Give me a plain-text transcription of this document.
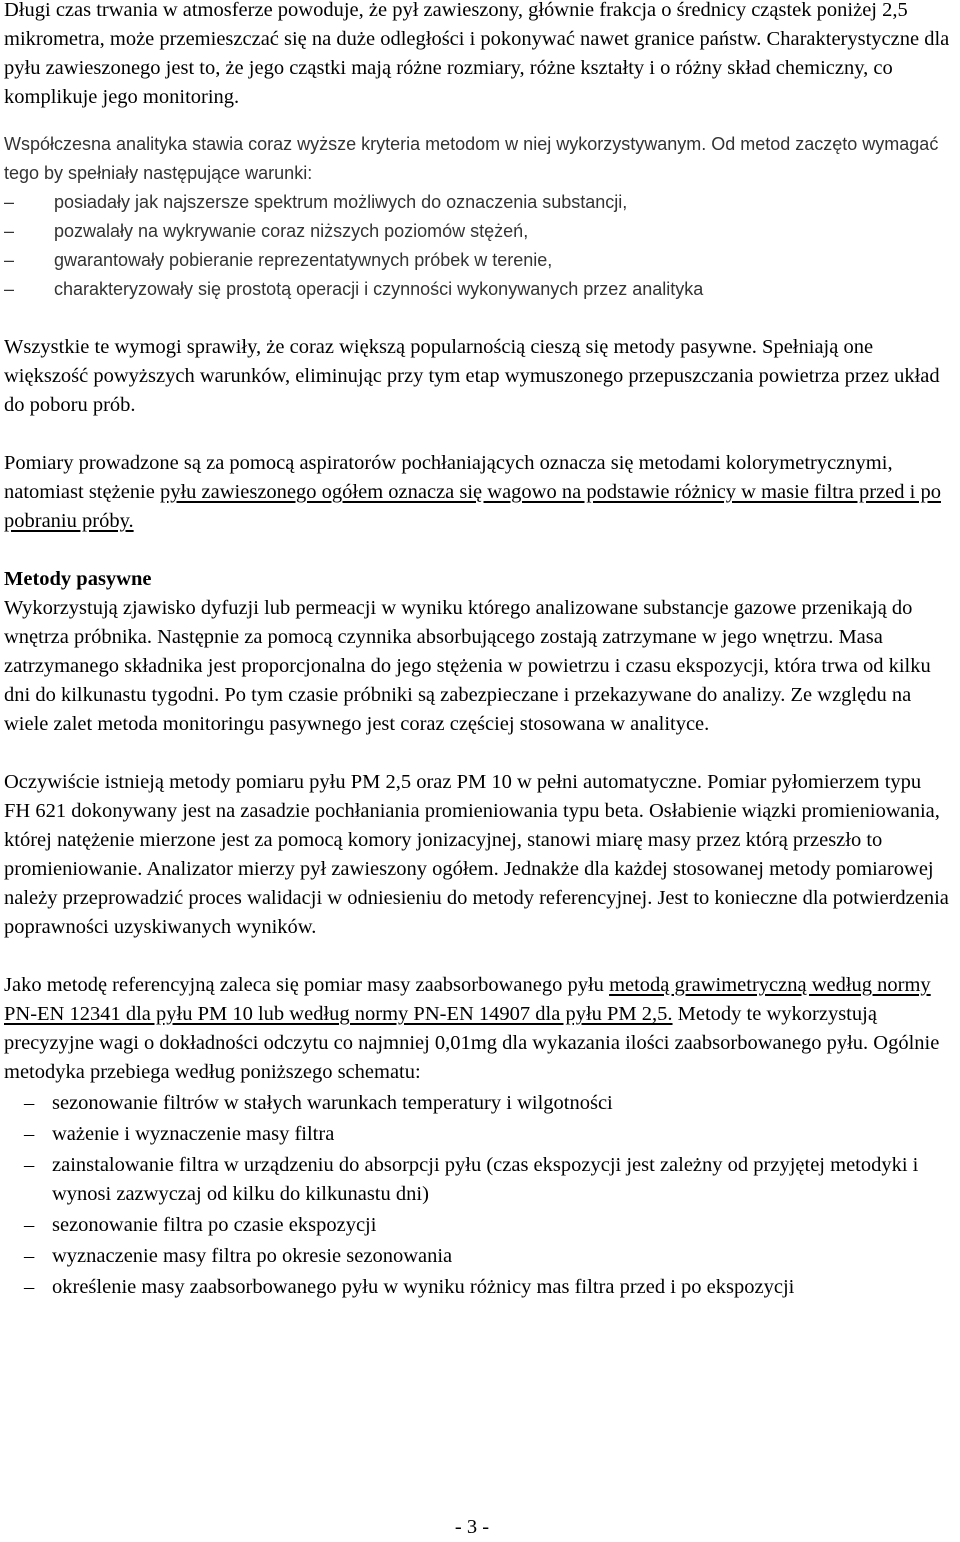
Długi czas trwania w atmosferze powoduje, że pył zawieszony, głównie frakcja o średnicy cząstek poniżej 2,5 mikrometra, może przemieszczać się na duże odległości i pokonywać nawet granice państw. Charakterystyczne dla pyłu zawieszonego jest to, że jego cząstki mają różne rozmiary, różne kształty i o różny skład chemiczny, co komplikuje jego monitoring.

Współczesna analityka stawia coraz wyższe kryteria metodom w niej wykorzystywanym. Od metod zaczęto wymagać tego by spełniały następujące warunki:

–	posiadały jak najszersze spektrum możliwych do oznaczenia substancji,
–	pozwalały na wykrywanie coraz niższych poziomów stężeń,
–	gwarantowały pobieranie reprezentatywnych próbek w terenie,
–	charakteryzowały się prostotą operacji i czynności wykonywanych przez analityka

Wszystkie te wymogi sprawiły, że coraz większą popularnością cieszą się metody pasywne. Spełniają one większość powyższych warunków, eliminując przy tym etap wymuszonego przepuszczania powietrza przez układ do poboru prób.

Pomiary prowadzone są za pomocą aspiratorów pochłaniających oznacza się metodami kolorymetrycznymi, natomiast stężenie pyłu zawieszonego ogółem oznacza się wagowo na podstawie różnicy w masie filtra przed i po pobraniu próby.

Metody pasywne

Wykorzystują zjawisko dyfuzji lub permeacji w wyniku którego analizowane substancje gazowe przenikają do wnętrza próbnika. Następnie za pomocą czynnika absorbującego zostają zatrzymane w jego wnętrzu. Masa zatrzymanego składnika jest proporcjonalna do jego stężenia w powietrzu i czasu ekspozycji, która trwa od kilku dni do kilkunastu tygodni. Po tym czasie próbniki są zabezpieczane i przekazywane do analizy. Ze względu na wiele zalet metoda monitoringu pasywnego jest coraz częściej stosowana w analityce.

Oczywiście istnieją metody pomiaru pyłu PM 2,5 oraz PM 10 w pełni automatyczne. Pomiar pyłomierzem typu FH 621 dokonywany jest na zasadzie pochłaniania promieniowania typu beta. Osłabienie wiązki promieniowania, której natężenie mierzone jest za pomocą komory jonizacyjnej, stanowi miarę masy przez którą przeszło to promieniowanie. Analizator mierzy pył zawieszony ogółem. Jednakże dla każdej stosowanej metody pomiarowej należy przeprowadzić proces walidacji w odniesieniu do metody referencyjnej. Jest to konieczne dla potwierdzenia poprawności uzyskiwanych wyników.

Jako metodę referencyjną zaleca się pomiar masy zaabsorbowanego pyłu metodą grawimetryczną według normy PN-EN 12341 dla pyłu PM 10 lub według normy PN-EN 14907 dla pyłu PM 2,5. Metody te wykorzystują precyzyjne wagi o dokładności odczytu co najmniej 0,01mg dla wykazania ilości zaabsorbowanego pyłu. Ogólnie metodyka przebiega według poniższego schematu:

– sezonowanie filtrów w stałych warunkach temperatury i wilgotności
– ważenie i wyznaczenie masy filtra
– zainstalowanie filtra w urządzeniu do absorpcji pyłu (czas ekspozycji jest zależny od przyjętej metodyki i wynosi zazwyczaj od kilku do kilkunastu dni)
– sezonowanie filtra po czasie ekspozycji
– wyznaczenie masy filtra po okresie sezonowania
– określenie masy zaabsorbowanego pyłu w wyniku różnicy mas filtra przed i po ekspozycji
- 3 -
